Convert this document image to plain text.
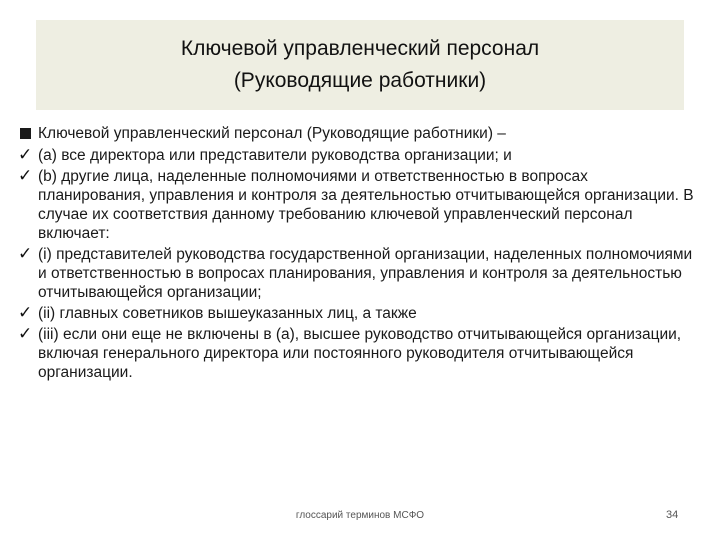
Ключевой управленческий персонал
(Руководящие работники)
Ключевой управленческий персонал (Руководящие работники) –
✓ (a) все директора или представители руководства организации; и
✓ (b) другие лица, наделенные полномочиями и ответственностью в вопросах планирования, управления и контроля за деятельностью отчитывающейся организации. В случае их соответствия данному требованию ключевой управленческий персонал включает:
✓ (i) представителей руководства государственной организации, наделенных полномочиями и ответственностью в вопросах планирования, управления и контроля за деятельностью отчитывающейся организации;
✓ (ii) главных советников вышеуказанных лиц, а также
✓ (iii) если они еще не включены в (a), высшее руководство отчитывающейся организации, включая генерального директора или постоянного руководителя отчитывающейся организации.
глоссарий терминов МСФО	34
